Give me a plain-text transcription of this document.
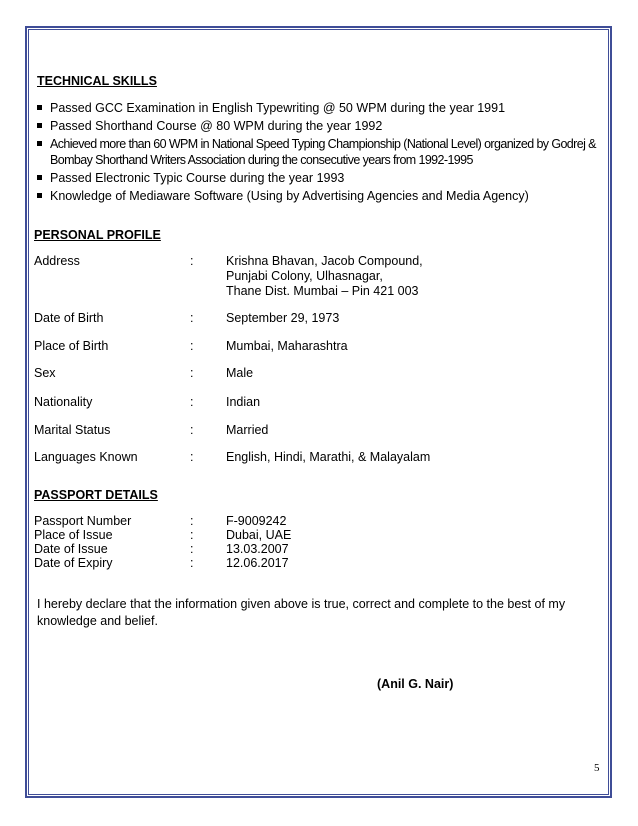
TECHNICAL SKILLS
Passed GCC Examination in English Typewriting @ 50 WPM during the year 1991
Passed Shorthand Course @ 80 WPM during the year 1992
Achieved more than 60 WPM in National Speed Typing Championship (National Level) organized by Godrej & Bombay Shorthand Writers Association during the consecutive years from 1992-1995
Passed Electronic Typic Course during the year 1993
Knowledge of Mediaware Software (Using by Advertising Agencies and Media Agency)
PERSONAL PROFILE
Address	:	Krishna Bhavan, Jacob Compound,
Punjabi Colony, Ulhasnagar,
Thane Dist. Mumbai – Pin 421 003
Date of Birth	:	September 29, 1973
Place of Birth	:	Mumbai, Maharashtra
Sex	:	Male
Nationality	:	Indian
Marital Status	:	Married
Languages Known	:	English, Hindi, Marathi, & Malayalam
PASSPORT DETAILS
Passport Number	:	F-9009242
Place of Issue	:	Dubai, UAE
Date of Issue	:	13.03.2007
Date of Expiry	:	12.06.2017
I hereby declare that the information given above is true, correct and complete to the best of my knowledge and belief.
(Anil G. Nair)
5
